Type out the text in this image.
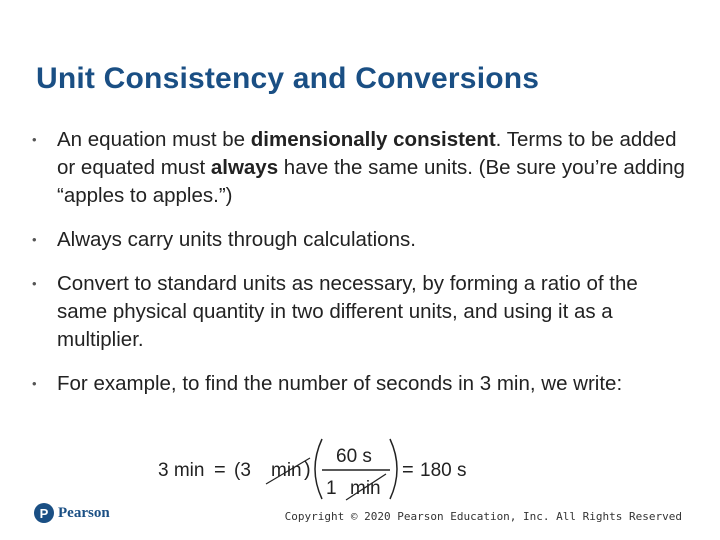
Unit Consistency and Conversions
• An equation must be dimensionally consistent. Terms to be added or equated must always have the same units. (Be sure you’re adding “apples to apples.”)
• Always carry units through calculations.
• Convert to standard units as necessary, by forming a ratio of the same physical quantity in two different units, and using it as a multiplier.
• For example, to find the number of seconds in 3 min, we write:
3 min = (3 min )
60 s
1 min
= 180 s
P Pearson	Copyright © 2020 Pearson Education, Inc. All Rights Reserved
